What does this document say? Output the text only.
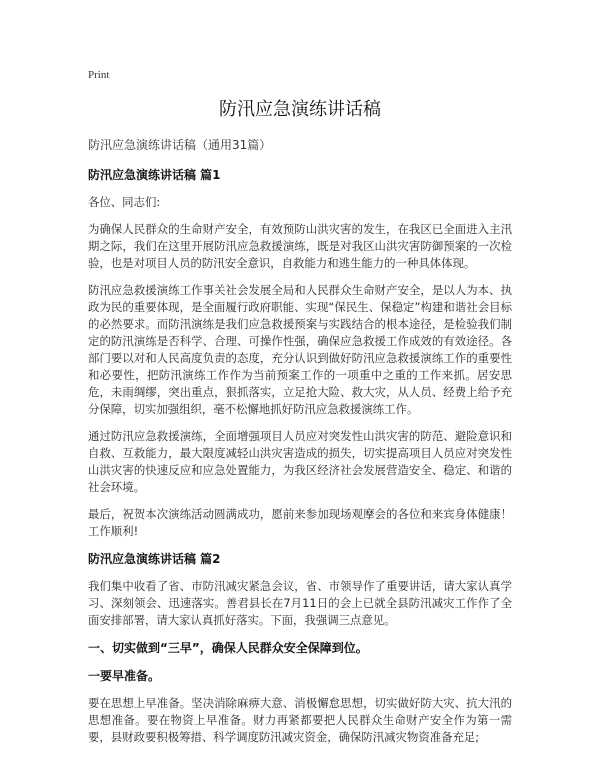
Print
防汛应急演练讲话稿
防汛应急演练讲话稿（通用31篇）
防汛应急演练讲话稿 篇1

各位、同志们:

为确保人民群众的生命财产安全，有效预防山洪灾害的发生，在我区已全面进入主汛期之际，我们在这里开展防汛应急救援演练，既是对我区山洪灾害防御预案的一次检验，也是对项目人员的防汛安全意识，自救能力和逃生能力的一种具体体现。

防汛应急救援演练工作事关社会发展全局和人民群众生命财产安全，是以人为本、执政为民的重要体现，是全面履行政府职能、实现“保民生、保稳定”构建和谐社会目标的必然要求。而防汛演练是我们应急救援预案与实践结合的根本途径，是检验我们制定的防汛演练是否科学、合理、可操作性强，确保应急救援工作成效的有效途径。各部门要以对和人民高度负责的态度，充分认识到做好防汛应急救援演练工作的重要性和必要性，把防汛演练工作作为当前预案工作的一项重中之重的工作来抓。居安思危，未雨绸缪，突出重点，狠抓落实，立足抢大险、救大灾，从人员、经费上给予充分保障，切实加强组织，毫不松懈地抓好防汛应急救援演练工作。

通过防汛应急救援演练，全面增强项目人员应对突发性山洪灾害的防范、避险意识和自救、互救能力，最大限度减轻山洪灾害造成的损失，切实提高项目人员应对突发性山洪灾害的快速反应和应急处置能力，为我区经济社会发展营造安全、稳定、和谐的社会环境。

最后，祝贺本次演练活动圆满成功，愿前来参加现场观摩会的各位和来宾身体健康！工作顺利!

防汛应急演练讲话稿 篇2

我们集中收看了省、市防汛减灾紧急会议，省、市领导作了重要讲话，请大家认真学习、深刻领会、迅速落实。善君县长在7月11日的会上已就全县防汛减灾工作作了全面安排部署，请大家认真抓好落实。下面，我强调三点意见。

一、切实做到“三早”，确保人民群众安全保障到位。
一要早准备。

要在思想上早准备。坚决消除麻痹大意、消极懈怠思想，切实做好防大灾、抗大汛的思想准备。要在物资上早准备。财力再紧都要把人民群众生命财产安全作为第一需要，县财政要积极筹措、科学调度防汛减灾资金，确保防汛减灾物资准备充足;
